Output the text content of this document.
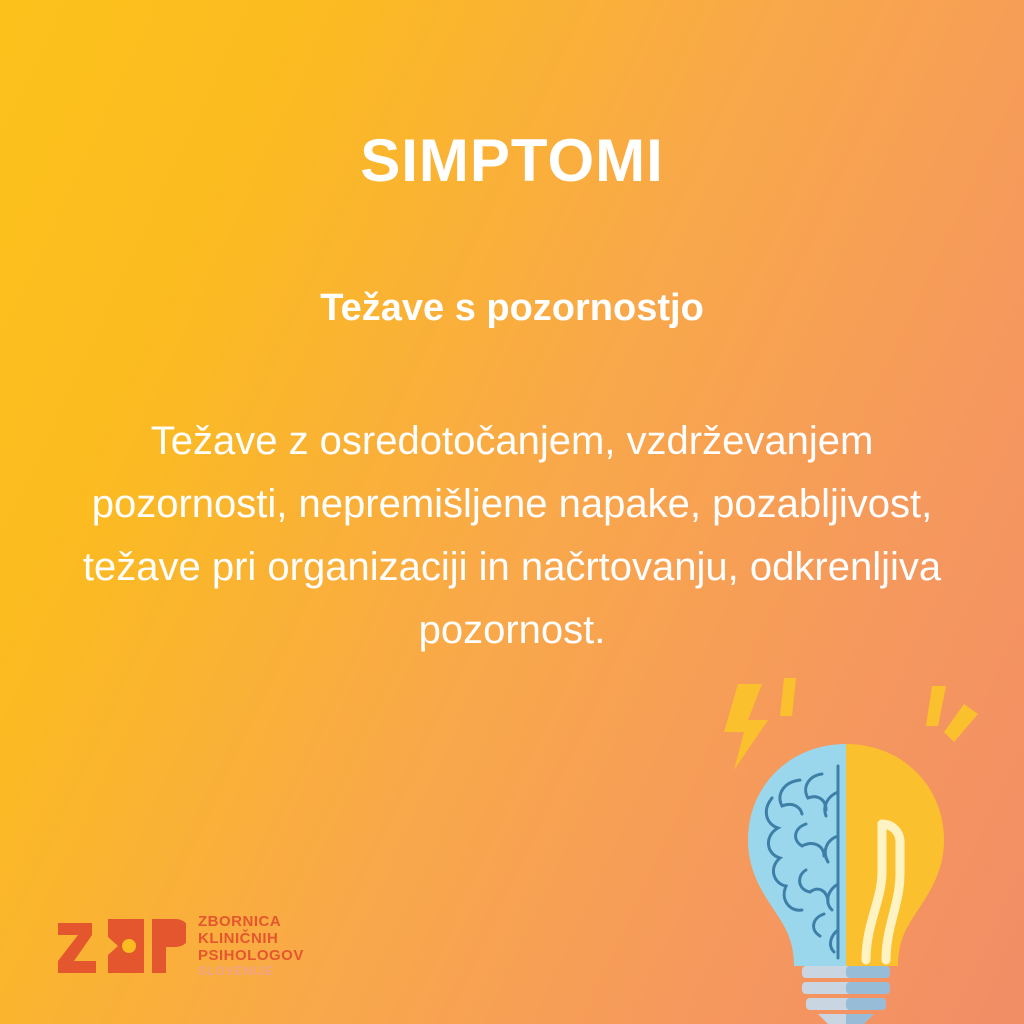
SIMPTOMI
Težave s pozornostjo

Težave z osredotočanjem, vzdrževanjem pozornosti, nepremišljene napake, pozabljivost, težave pri organizaciji in načrtovanju, odkrenljiva pozornost.

ZBORNICA
KLINIČNIH
PSIHOLOGOV
SLOVENIJE
